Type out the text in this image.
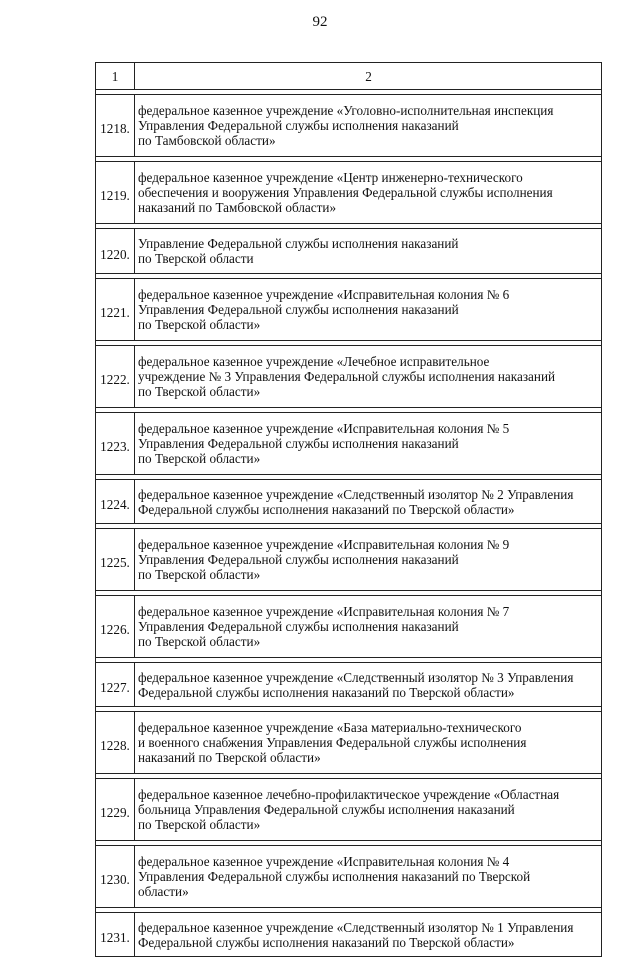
92
1	2

1218.	федеральное казенное учреждение «Уголовно-исполнительная инспекция
Управления Федеральной службы исполнения наказаний
по Тамбовской области»

1219.	федеральное казенное учреждение «Центр инженерно-технического
обеспечения и вооружения Управления Федеральной службы исполнения
наказаний по Тамбовской области»

1220.	Управление Федеральной службы исполнения наказаний
по Тверской области

1221.	федеральное казенное учреждение «Исправительная колония № 6
Управления Федеральной службы исполнения наказаний
по Тверской области»

1222.	федеральное казенное учреждение «Лечебное исправительное
учреждение № 3 Управления Федеральной службы исполнения наказаний
по Тверской области»

1223.	федеральное казенное учреждение «Исправительная колония № 5
Управления Федеральной службы исполнения наказаний
по Тверской области»

1224.	федеральное казенное учреждение «Следственный изолятор № 2 Управления
Федеральной службы исполнения наказаний по Тверской области»

1225.	федеральное казенное учреждение «Исправительная колония № 9
Управления Федеральной службы исполнения наказаний
по Тверской области»

1226.	федеральное казенное учреждение «Исправительная колония № 7
Управления Федеральной службы исполнения наказаний
по Тверской области»

1227.	федеральное казенное учреждение «Следственный изолятор № 3 Управления
Федеральной службы исполнения наказаний по Тверской области»

1228.	федеральное казенное учреждение «База материально-технического
и военного снабжения Управления Федеральной службы исполнения
наказаний по Тверской области»

1229.	федеральное казенное лечебно-профилактическое учреждение «Областная
больница Управления Федеральной службы исполнения наказаний
по Тверской области»

1230.	федеральное казенное учреждение «Исправительная колония № 4
Управления Федеральной службы исполнения наказаний по Тверской
области»

1231.	федеральное казенное учреждение «Следственный изолятор № 1 Управления
Федеральной службы исполнения наказаний по Тверской области»
